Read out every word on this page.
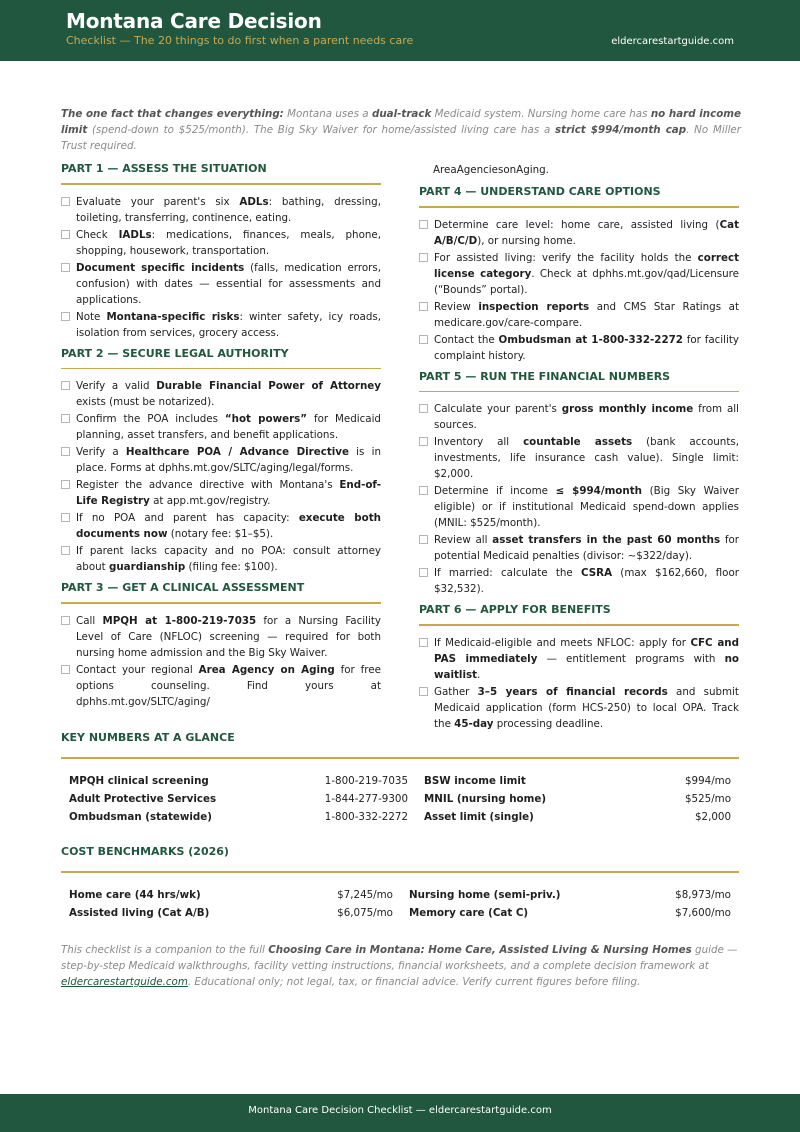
Montana Care Decision
Checklist — The 20 things to do first when a parent needs care	eldercarestartguide.com
The one fact that changes everything: Montana uses a dual-track Medicaid system. Nursing home care has no hard income limit (spend-down to $525/month). The Big Sky Waiver for home/assisted living care has a strict $994/month cap. No Miller Trust required.
PART 1 — ASSESS THE SITUATION
Evaluate your parent's six ADLs: bathing, dressing, toileting, transferring, continence, eating.
Check IADLs: medications, finances, meals, phone, shopping, housework, transportation.
Document specific incidents (falls, medication errors, confusion) with dates — essential for assessments and applications.
Note Montana-specific risks: winter safety, icy roads, isolation from services, grocery access.
PART 2 — SECURE LEGAL AUTHORITY
Verify a valid Durable Financial Power of Attorney exists (must be notarized).
Confirm the POA includes “hot powers” for Medicaid planning, asset transfers, and benefit applications.
Verify a Healthcare POA / Advance Directive is in place. Forms at dphhs.mt.gov/SLTC/aging/legal/forms.
Register the advance directive with Montana's End-of-Life Registry at app.mt.gov/registry.
If no POA and parent has capacity: execute both documents now (notary fee: $1–$5).
If parent lacks capacity and no POA: consult attorney about guardianship (filing fee: $100).
PART 3 — GET A CLINICAL ASSESSMENT
Call MPQH at 1-800-219-7035 for a Nursing Facility Level of Care (NFLOC) screening — required for both nursing home admission and the Big Sky Waiver.
Contact your regional Area Agency on Aging for free options counseling. Find yours at dphhs.mt.gov/SLTC/aging/
AreaAgenciesonAging.
PART 4 — UNDERSTAND CARE OPTIONS
Determine care level: home care, assisted living (Cat A/B/C/D), or nursing home.
For assisted living: verify the facility holds the correct license category. Check at dphhs.mt.gov/qad/Licensure (“Bounds” portal).
Review inspection reports and CMS Star Ratings at medicare.gov/care-compare.
Contact the Ombudsman at 1-800-332-2272 for facility complaint history.
PART 5 — RUN THE FINANCIAL NUMBERS
Calculate your parent's gross monthly income from all sources.
Inventory all countable assets (bank accounts, investments, life insurance cash value). Single limit: $2,000.
Determine if income ≤ $994/month (Big Sky Waiver eligible) or if institutional Medicaid spend-down applies (MNIL: $525/month).
Review all asset transfers in the past 60 months for potential Medicaid penalties (divisor: ~$322/day).
If married: calculate the CSRA (max $162,660, floor $32,532).
PART 6 — APPLY FOR BENEFITS
If Medicaid-eligible and meets NFLOC: apply for CFC and PAS immediately — entitlement programs with no waitlist.
Gather 3–5 years of financial records and submit Medicaid application (form HCS-250) to local OPA. Track the 45-day processing deadline.
KEY NUMBERS AT A GLANCE
MPQH clinical screening	1-800-219-7035	BSW income limit	$994/mo
Adult Protective Services	1-844-277-9300	MNIL (nursing home)	$525/mo
Ombudsman (statewide)	1-800-332-2272	Asset limit (single)	$2,000
COST BENCHMARKS (2026)
Home care (44 hrs/wk)	$7,245/mo	Nursing home (semi-priv.)	$8,973/mo
Assisted living (Cat A/B)	$6,075/mo	Memory care (Cat C)	$7,600/mo
This checklist is a companion to the full Choosing Care in Montana: Home Care, Assisted Living & Nursing Homes guide — step-by-step Medicaid walkthroughs, facility vetting instructions, financial worksheets, and a complete decision framework at eldercarestartguide.com. Educational only; not legal, tax, or financial advice. Verify current figures before filing.
Montana Care Decision Checklist — eldercarestartguide.com
